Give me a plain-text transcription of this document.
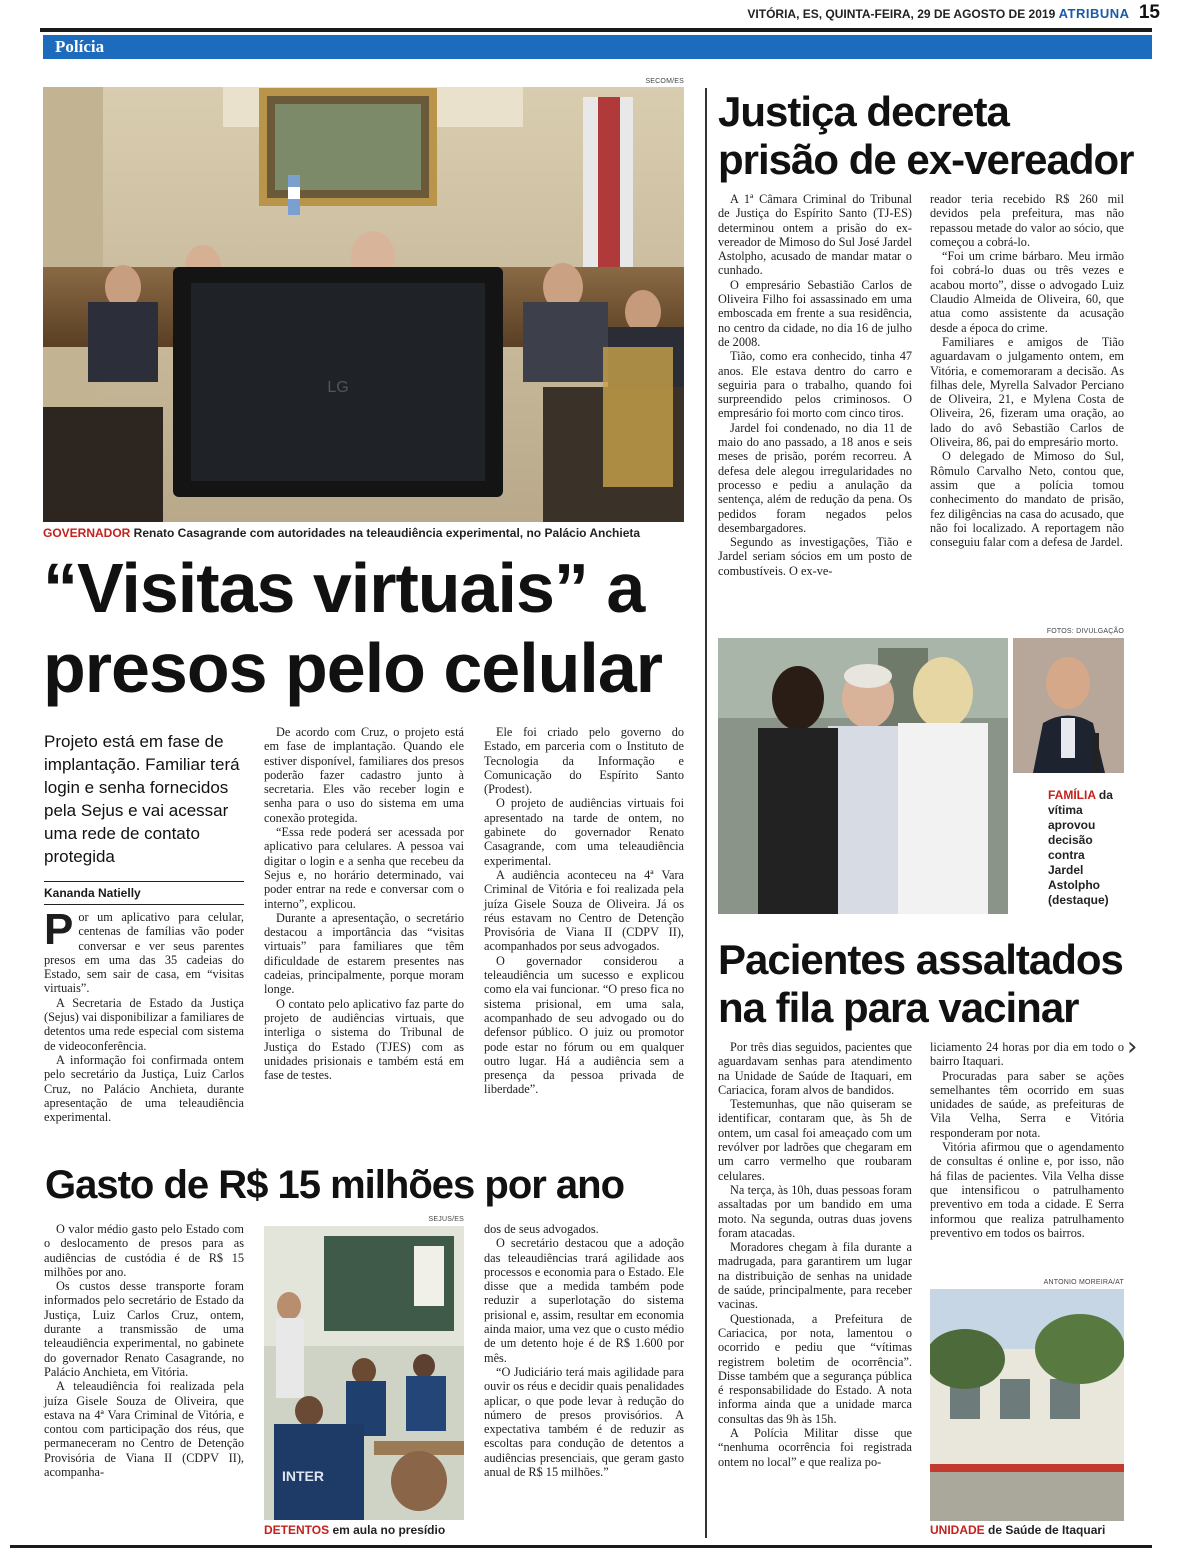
VITÓRIA, ES, QUINTA-FEIRA, 29 DE AGOSTO DE 2019 ATRIBUNA 15
Polícia
SECOM/ES
LG
GOVERNADOR Renato Casagrande com autoridades na teleaudiência experimental, no Palácio Anchieta
“Visitas virtuais” a
presos pelo celular
Projeto está em fase de implantação. Familiar terá login e senha fornecidos pela Sejus e vai acessar uma rede de contato protegida
Kananda Natielly

Por um aplicativo para celular, centenas de famílias vão poder conversar e ver seus parentes presos em uma das 35 cadeias do Estado, sem sair de casa, em “visitas virtuais”.

A Secretaria de Estado da Justiça (Sejus) vai disponibilizar a familiares de detentos uma rede especial com sistema de videoconferência.

A informação foi confirmada ontem pelo secretário da Justiça, Luiz Carlos Cruz, no Palácio Anchieta, durante apresentação de uma teleaudiência experimental.

De acordo com Cruz, o projeto está em fase de implantação. Quando ele estiver disponível, familiares dos presos poderão fazer cadastro junto à secretaria. Eles vão receber login e senha para o uso do sistema em uma conexão protegida.

“Essa rede poderá ser acessada por aplicativo para celulares. A pessoa vai digitar o login e a senha que recebeu da Sejus e, no horário determinado, vai poder entrar na rede e conversar com o interno”, explicou.

Durante a apresentação, o secretário destacou a importância das “visitas virtuais” para familiares que têm dificuldade de estarem presentes nas cadeias, principalmente, porque moram longe.

O contato pelo aplicativo faz parte do projeto de audiências virtuais, que interliga o sistema do Tribunal de Justiça do Estado (TJES) com as unidades prisionais e também está em fase de testes.

Ele foi criado pelo governo do Estado, em parceria com o Instituto de Tecnologia da Informação e Comunicação do Espírito Santo (Prodest).

O projeto de audiências virtuais foi apresentado na tarde de ontem, no gabinete do governador Renato Casagrande, com uma teleaudiência experimental.

A audiência aconteceu na 4ª Vara Criminal de Vitória e foi realizada pela juíza Gisele Souza de Oliveira. Já os réus estavam no Centro de Detenção Provisória de Viana II (CDPV II), acompanhados por seus advogados.

O governador considerou a teleaudiência um sucesso e explicou como ela vai funcionar. “O preso fica no sistema prisional, em uma sala, acompanhado de seu advogado ou do defensor público. O juiz ou promotor pode estar no fórum ou em qualquer outro lugar. Há a audiência sem a presença da pessoa privada de liberdade”.

Gasto de R$ 15 milhões por ano

O valor médio gasto pelo Estado com o deslocamento de presos para as audiências de custódia é de R$ 15 milhões por ano.

Os custos desse transporte foram informados pelo secretário de Estado da Justiça, Luiz Carlos Cruz, ontem, durante a transmissão de uma teleaudiência experimental, no gabinete do governador Renato Casagrande, no Palácio Anchieta, em Vitória.

A teleaudiência foi realizada pela juíza Gisele Souza de Oliveira, que estava na 4ª Vara Criminal de Vitória, e contou com participação dos réus, que permaneceram no Centro de Detenção Provisória de Viana II (CDPV II), acompanha-

SEJUS/ES
INTER
DETENTOS em aula no presídio

dos de seus advogados.

O secretário destacou que a adoção das teleaudiências trará agilidade aos processos e economia para o Estado. Ele disse que a medida também pode reduzir a superlotação do sistema prisional e, assim, resultar em economia ainda maior, uma vez que o custo médio de um detento hoje é de R$ 1.600 por mês.

“O Judiciário terá mais agilidade para ouvir os réus e decidir quais penalidades aplicar, o que pode levar à redução do número de presos provisórios. A expectativa também é de reduzir as escoltas para condução de detentos a audiências presenciais, que geram gasto anual de R$ 15 milhões.”

Justiça decreta
prisão de ex-vereador

A 1ª Câmara Criminal do Tribunal de Justiça do Espírito Santo (TJ-ES) determinou ontem a prisão do ex-vereador de Mimoso do Sul José Jardel Astolpho, acusado de mandar matar o cunhado.

O empresário Sebastião Carlos de Oliveira Filho foi assassinado em uma emboscada em frente a sua residência, no centro da cidade, no dia 16 de julho de 2008.

Tião, como era conhecido, tinha 47 anos. Ele estava dentro do carro e seguiria para o trabalho, quando foi surpreendido pelos criminosos. O empresário foi morto com cinco tiros.

Jardel foi condenado, no dia 11 de maio do ano passado, a 18 anos e seis meses de prisão, porém recorreu. A defesa dele alegou irregularidades no processo e pediu a anulação da sentença, além de redução da pena. Os pedidos foram negados pelos desembargadores.

Segundo as investigações, Tião e Jardel seriam sócios em um posto de combustíveis. O ex-ve-

reador teria recebido R$ 260 mil devidos pela prefeitura, mas não repassou metade do valor ao sócio, que começou a cobrá-lo.

“Foi um crime bárbaro. Meu irmão foi cobrá-lo duas ou três vezes e acabou morto”, disse o advogado Luiz Claudio Almeida de Oliveira, 60, que atua como assistente da acusação desde a época do crime.

Familiares e amigos de Tião aguardavam o julgamento ontem, em Vitória, e comemoraram a decisão. As filhas dele, Myrella Salvador Perciano de Oliveira, 21, e Mylena Costa de Oliveira, 26, fizeram uma oração, ao lado do avô Sebastião Carlos de Oliveira, 86, pai do empresário morto.

O delegado de Mimoso do Sul, Rômulo Carvalho Neto, contou que, assim que a polícia tomou conhecimento do mandato de prisão, fez diligências na casa do acusado, que não foi localizado. A reportagem não conseguiu falar com a defesa de Jardel.

FOTOS: DIVULGAÇÃO
FAMÍLIA da vítima aprovou decisão contra Jardel Astolpho (destaque)
Pacientes assaltados
na fila para vacinar

Por três dias seguidos, pacientes que aguardavam senhas para atendimento na Unidade de Saúde de Itaquari, em Cariacica, foram alvos de bandidos.

Testemunhas, que não quiseram se identificar, contaram que, às 5h de ontem, um casal foi ameaçado com um revólver por ladrões que chegaram em um carro vermelho que roubaram celulares.

Na terça, às 10h, duas pessoas foram assaltadas por um bandido em uma moto. Na segunda, outras duas jovens foram atacadas.

Moradores chegam à fila durante a madrugada, para garantirem um lugar na distribuição de senhas na unidade de saúde, principalmente, para receber vacinas.

Questionada, a Prefeitura de Cariacica, por nota, lamentou o ocorrido e pediu que “vítimas registrem boletim de ocorrência”. Disse também que a segurança pública é responsabilidade do Estado. A nota informa ainda que a unidade marca consultas das 9h às 15h.

A Polícia Militar disse que “nenhuma ocorrência foi registrada ontem no local” e que realiza po-

liciamento 24 horas por dia em todo o bairro Itaquari.

Procuradas para saber se ações semelhantes têm ocorrido em suas unidades de saúde, as prefeituras de Vila Velha, Serra e Vitória responderam por nota.

Vitória afirmou que o agendamento de consultas é online e, por isso, não há filas de pacientes. Vila Velha disse que intensificou o patrulhamento preventivo em toda a cidade. E Serra informou que realiza patrulhamento preventivo em todos os bairros.

ANTONIO MOREIRA/AT
UNIDADE de Saúde de Itaquari
›
